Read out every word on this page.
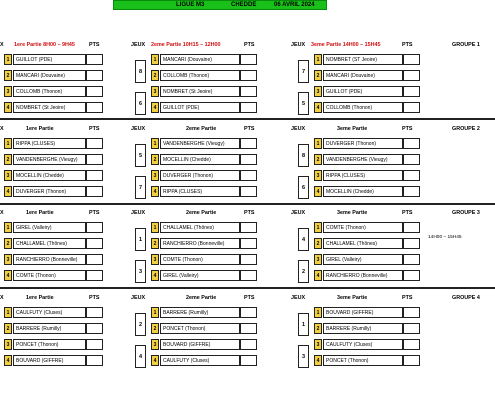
LIGUE M3	CHEDDE	06 AVRIL 2024
X 1ere Partie 8H00 – 9H45	PTS	JEUX 2eme Partie 10H15 – 12H00	PTS	JEUX 3eme Partie 14H00 – 15H45	PTS	GROUPE 1
X	1ere Partie	PTS	JEUX	2eme Partie	PTS	JEUX	3eme Partie	PTS	GROUPE 2
X	1ere Partie	PTS	JEUX	2eme Partie	PTS	JEUX	3eme Partie	PTS	GROUPE 3
14H00 – 15H45
X	1ere Partie	PTS	JEUX	2eme Partie	PTS	JEUX	3eme Partie	PTS	GROUPE 4
1	GUILLOT (PDE)
2	MANCARI (Douvaine)
3	COLLOMB (Thonon)
4	NOMBRET (St Jeoire)
1	MANCARI (Douvaine)
2	COLLOMB (Thonon)
3	NOMBRET (St Jeoire)
4	GUILLOT (PDE)
8
6
1	NOMBRET (ST Jeoire)
2	MANCARI (Douvaine)
3	GUILLOT (PDE)
4	COLLOMB (Thonon)
7
5
1	RIPPA (CLUSES)
2	VANDENBERGHE (Vieugy)
3	MOCELLIN (Chedde)
4	DUVERGER (Thonon)
1	VANDENBERGHE (Vieugy)
2	MOCELLIN (Chedde)
3	DUVERGER (Thonon)
4	RIPPA (CLUSES)
5
7
1	DUVERGER (Thonon)
2	VANDENBERGHE (Vieugy)
3	RIPPA (CLUSES)
4	MOCELLIN (Chedde)
8
6
1	GIREL (Valleiry)
2	CHALLAMEL (Thônes)
3	RANCHIERRO (Bonneville)
4	COMTE (Thonon)
1	CHALLAMEL (Thônes)
2	RANCHIERRO (Bonneville)
3	COMTE (Thonon)
4	GIREL (Valleiry)
1
3
1	COMTE (Thonon)
2	CHALLAMEL (Thônes)
3	GIREL (Valleiry)
4	RANCHIERRO (Bonneville)
4
2
1	CAULFUTY (Cluses)
2	BARRERE (Rumilly)
3	PONCET (Thonon)
4	BOUVARD (GIFFRE)
1	BARRERE (Rumilly)
2	PONCET (Thonon)
3	BOUVARD (GIFFRE)
4	CAULFUTY (Cluses)
2
4
1	BOUVARD (GIFFRE)
2	BARRERE (Rumilly)
3	CAULFUTY (Cluses)
4	PONCET (Thonon)
1
3
